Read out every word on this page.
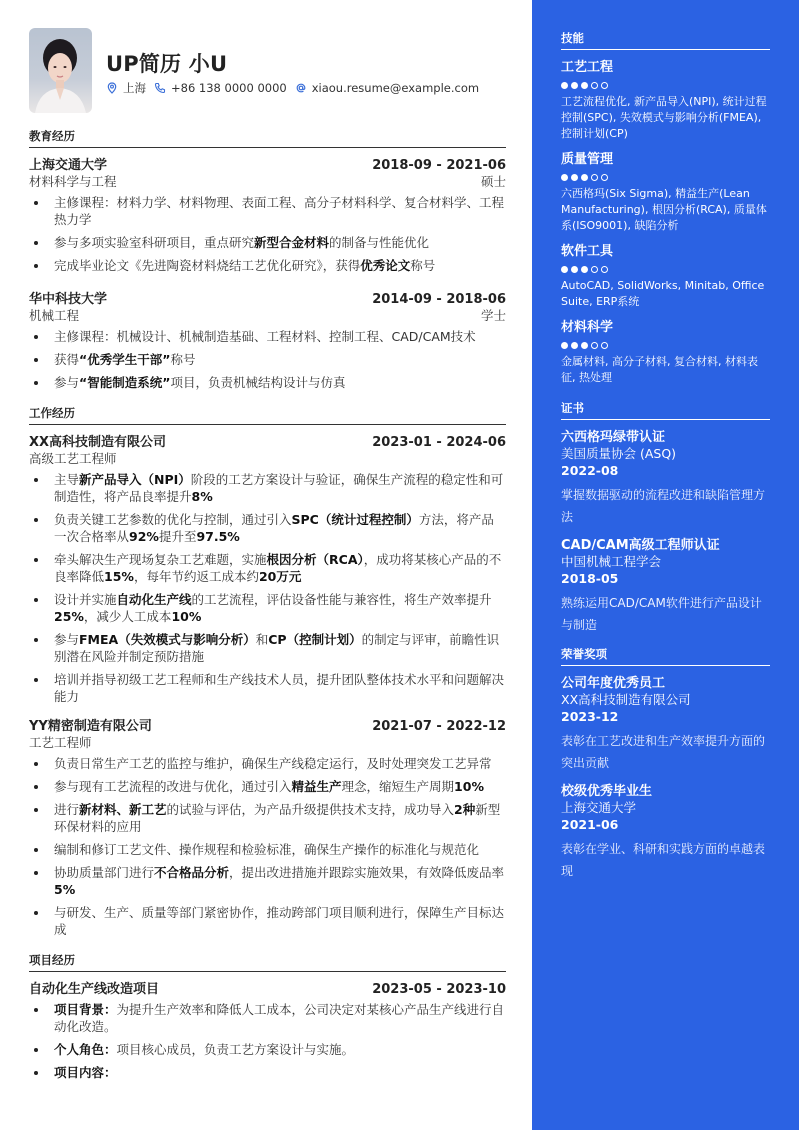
UP简历 小U
上海 +86 138 0000 0000 xiaou.resume@example.com
教育经历
上海交通大学	2018-09 - 2021-06
材料科学与工程	硕士
主修课程：材料力学、材料物理、表面工程、高分子材料科学、复合材料学、工程热力学
参与多项实验室科研项目，重点研究新型合金材料的制备与性能优化
完成毕业论文《先进陶瓷材料烧结工艺优化研究》，获得优秀论文称号
华中科技大学	2014-09 - 2018-06
机械工程	学士
主修课程：机械设计、机械制造基础、工程材料、控制工程、CAD/CAM技术
获得“优秀学生干部”称号
参与“智能制造系统”项目，负责机械结构设计与仿真
工作经历
XX高科技制造有限公司	2023-01 - 2024-06
高级工艺工程师
主导新产品导入（NPI）阶段的工艺方案设计与验证，确保生产流程的稳定性和可制造性，将产品良率提升8%
负责关键工艺参数的优化与控制，通过引入SPC（统计过程控制）方法，将产品一次合格率从92%提升至97.5%
牵头解决生产现场复杂工艺难题，实施根因分析（RCA），成功将某核心产品的不良率降低15%，每年节约返工成本约20万元
设计并实施自动化生产线的工艺流程，评估设备性能与兼容性，将生产效率提升25%，减少人工成本10%
参与FMEA（失效模式与影响分析）和CP（控制计划）的制定与评审，前瞻性识别潜在风险并制定预防措施
培训并指导初级工艺工程师和生产线技术人员，提升团队整体技术水平和问题解决能力
YY精密制造有限公司	2021-07 - 2022-12
工艺工程师
负责日常生产工艺的监控与维护，确保生产线稳定运行，及时处理突发工艺异常
参与现有工艺流程的改进与优化，通过引入精益生产理念，缩短生产周期10%
进行新材料、新工艺的试验与评估，为产品升级提供技术支持，成功导入2种新型环保材料的应用
编制和修订工艺文件、操作规程和检验标准，确保生产操作的标准化与规范化
协助质量部门进行不合格品分析，提出改进措施并跟踪实施效果，有效降低废品率5%
与研发、生产、质量等部门紧密协作，推动跨部门项目顺利进行，保障生产目标达成
项目经历
自动化生产线改造项目	2023-05 - 2023-10
项目背景：为提升生产效率和降低人工成本，公司决定对某核心产品生产线进行自动化改造。
个人角色：项目核心成员，负责工艺方案设计与实施。
项目内容：
技能
工艺工程
工艺流程优化, 新产品导入(NPI), 统计过程控制(SPC), 失效模式与影响分析(FMEA), 控制计划(CP)
质量管理
六西格玛(Six Sigma), 精益生产(Lean Manufacturing), 根因分析(RCA), 质量体系(ISO9001), 缺陷分析
软件工具
AutoCAD, SolidWorks, Minitab, Office Suite, ERP系统
材料科学
金属材料, 高分子材料, 复合材料, 材料表征, 热处理
证书
六西格玛绿带认证
美国质量协会 (ASQ)
2022-08
掌握数据驱动的流程改进和缺陷管理方法
CAD/CAM高级工程师认证
中国机械工程学会
2018-05
熟练运用CAD/CAM软件进行产品设计与制造
荣誉奖项
公司年度优秀员工
XX高科技制造有限公司
2023-12
表彰在工艺改进和生产效率提升方面的突出贡献
校级优秀毕业生
上海交通大学
2021-06
表彰在学业、科研和实践方面的卓越表现
